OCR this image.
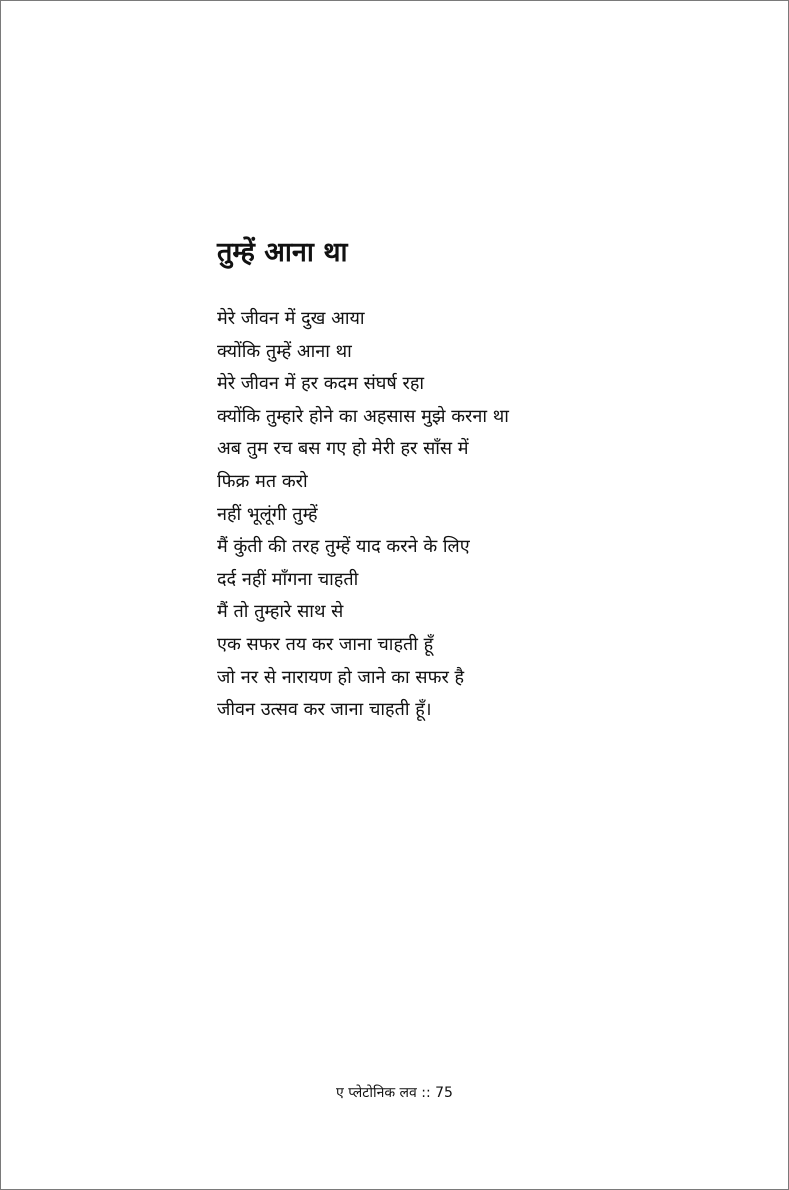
तुम्हें आना था
मेरे जीवन में दुख आया
क्योंकि तुम्हें आना था
मेरे जीवन में हर कदम संघर्ष रहा
क्योंकि तुम्हारे होने का अहसास मुझे करना था
अब तुम रच बस गए हो मेरी हर साँस में
फिक्र मत करो
नहीं भूलूंगी तुम्हें
मैं कुंती की तरह तुम्हें याद करने के लिए
दर्द नहीं माँगना चाहती
मैं तो तुम्हारे साथ से
एक सफर तय कर जाना चाहती हूँ
जो नर से नारायण हो जाने का सफर है
जीवन उत्सव कर जाना चाहती हूँ।
ए प्लेटोनिक लव :: 75
